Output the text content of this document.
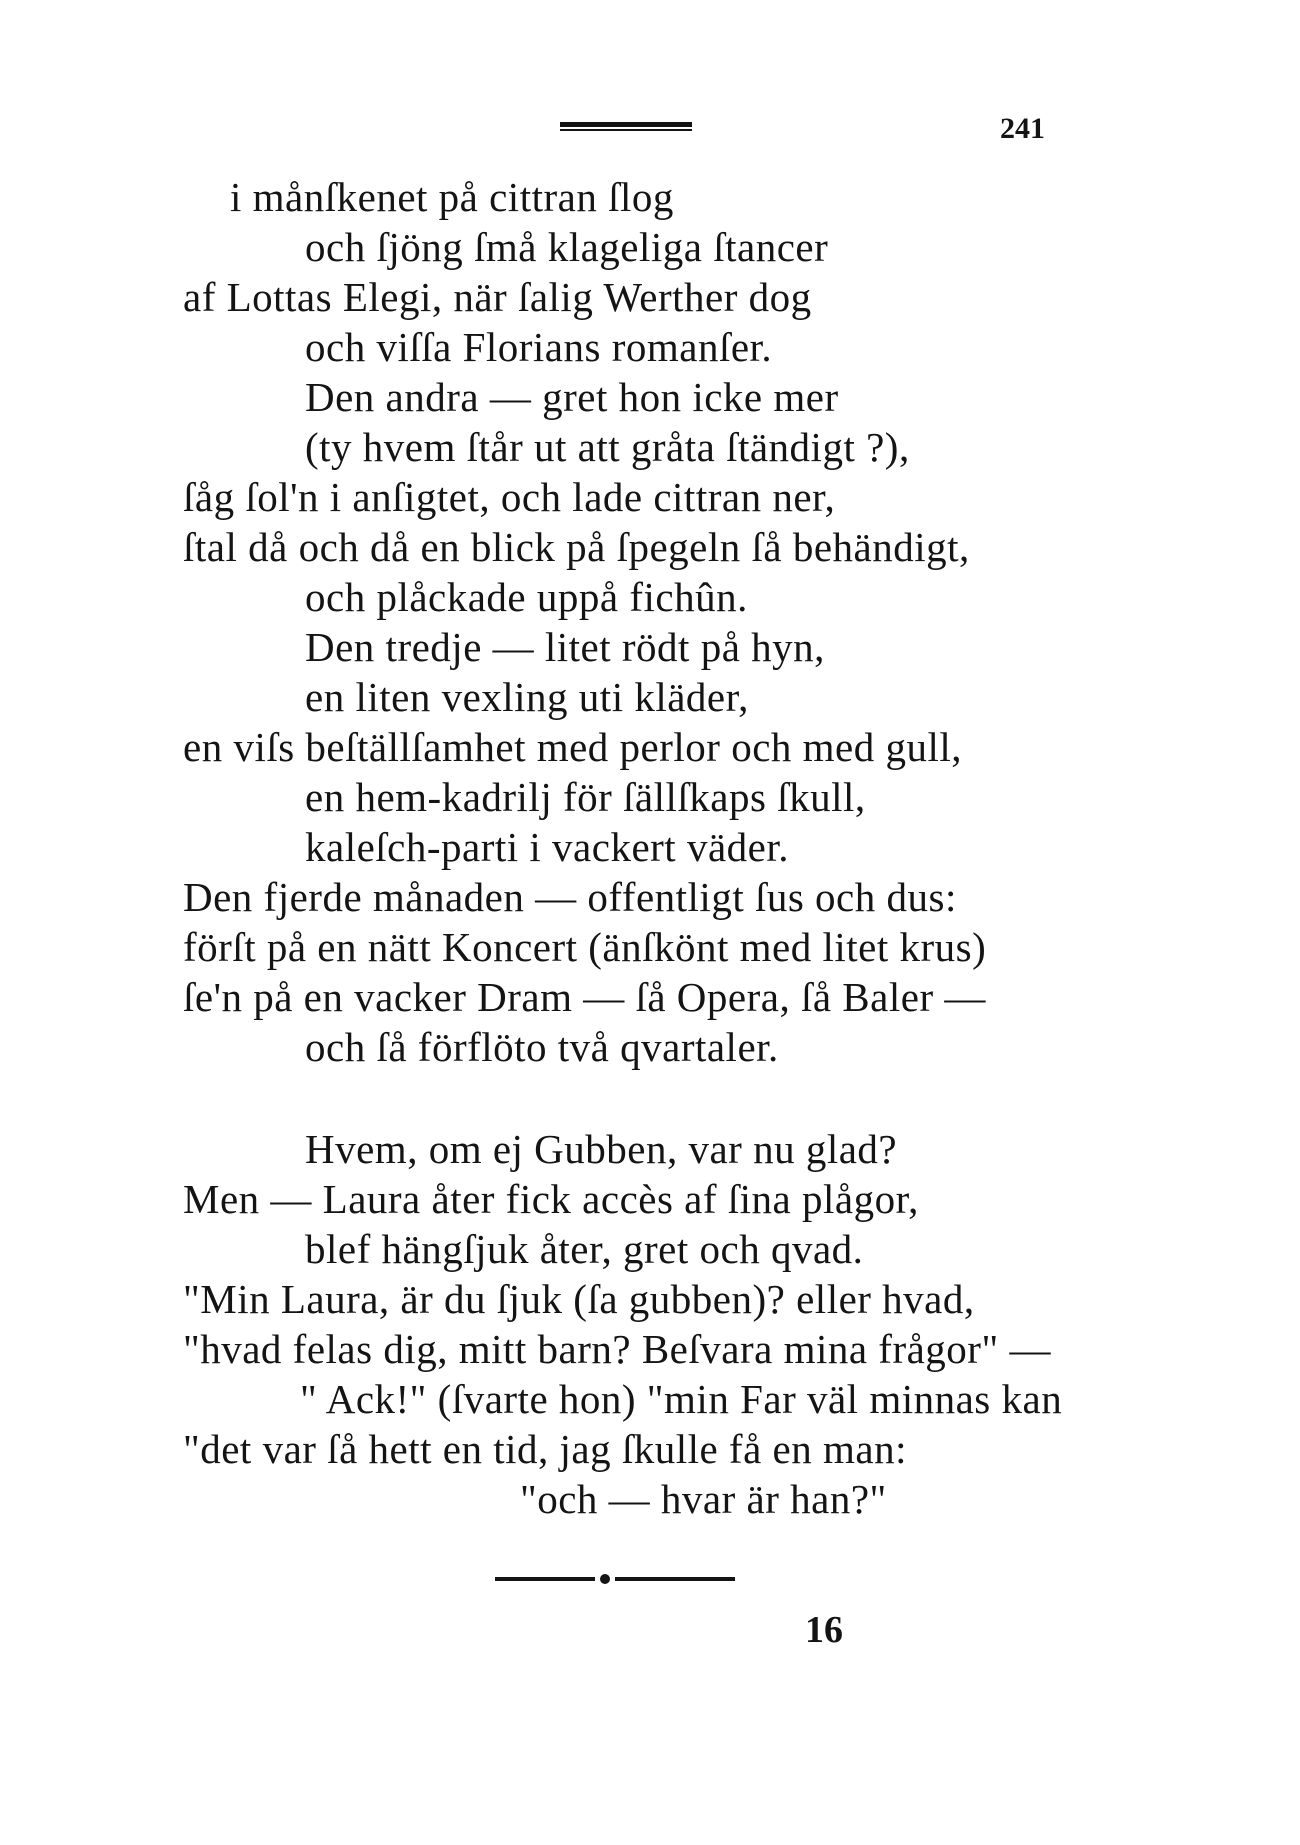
241
i månſkenet på cittran ſlog
och ſjöng ſmå klageliga ſtancer
af Lottas Elegi, när ſalig Werther dog
och viſſa Florians romanſer.
Den andra — gret hon icke mer
(ty hvem ſtår ut att gråta ſtändigt ?),
ſåg ſol'n i anſigtet, och lade cittran ner,
ſtal då och då en blick på ſpegeln ſå behändigt,
och plåckade uppå fichûn.
Den tredje — litet rödt på hyn,
en liten vexling uti kläder,
en viſs beſtällſamhet med perlor och med gull,
en hem-kadrilj för ſällſkaps ſkull,
kaleſch-parti i vackert väder.
Den fjerde månaden — offentligt ſus och dus:
förſt på en nätt Koncert (änſkönt med litet krus)
ſe'n på en vacker Dram — ſå Opera, ſå Baler —
och ſå förflöto två qvartaler.
Hvem, om ej Gubben, var nu glad?
Men — Laura åter fick accès af ſina plågor,
blef hängſjuk åter, gret och qvad.
"Min Laura, är du ſjuk (ſa gubben)? eller hvad,
"hvad felas dig, mitt barn? Beſvara mina frågor" —
" Ack!" (ſvarte hon) "min Far väl minnas kan
"det var ſå hett en tid, jag ſkulle få en man:
"och — hvar är han?"
16
